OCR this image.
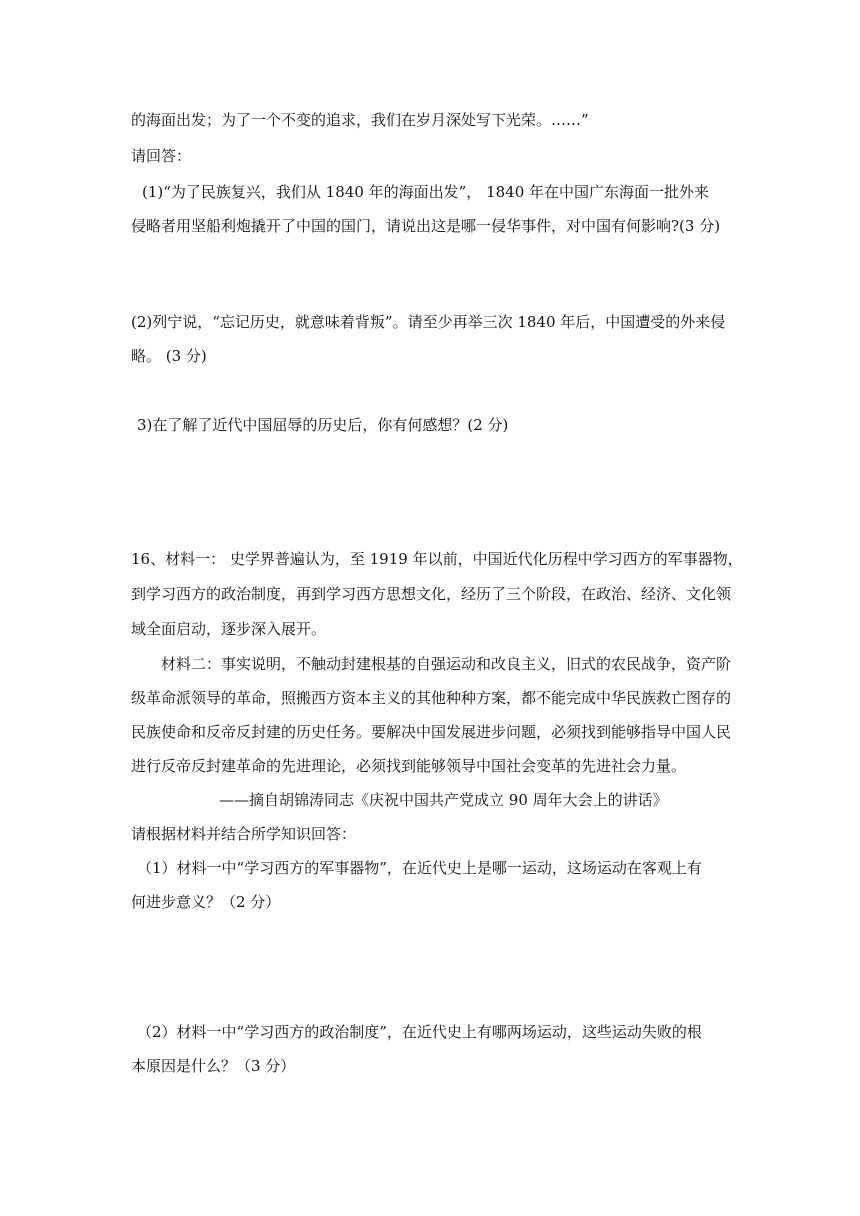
的海面出发；为了一个不变的追求，我们在岁月深处写下光荣。……”
请回答：
(1)“为了民族复兴，我们从 1840 年的海面出发”， 1840 年在中国广东海面一批外来
侵略者用坚船利炮撬开了中国的国门，请说出这是哪一侵华事件，对中国有何影响?(3 分)
(2)列宁说，“忘记历史，就意味着背叛”。请至少再举三次 1840 年后，中国遭受的外来侵
略。 (3 分)
3)在了解了近代中国屈辱的历史后，你有何感想？(2 分)
16、材料一： 史学界普遍认为，至 1919 年以前，中国近代化历程中学习西方的军事器物，
到学习西方的政治制度，再到学习西方思想文化，经历了三个阶段，在政治、经济、文化领
域全面启动，逐步深入展开。
材料二：事实说明，不触动封建根基的自强运动和改良主义，旧式的农民战争，资产阶
级革命派领导的革命，照搬西方资本主义的其他种种方案，都不能完成中华民族救亡图存的
民族使命和反帝反封建的历史任务。要解决中国发展进步问题，必须找到能够指导中国人民
进行反帝反封建革命的先进理论，必须找到能够领导中国社会变革的先进社会力量。
——摘自胡锦涛同志《庆祝中国共产党成立 90 周年大会上的讲话》
请根据材料并结合所学知识回答：
（1）材料一中“学习西方的军事器物”，在近代史上是哪一运动，这场运动在客观上有
何进步意义？（2 分）
（2）材料一中“学习西方的政治制度”，在近代史上有哪两场运动，这些运动失败的根
本原因是什么？（3 分）
